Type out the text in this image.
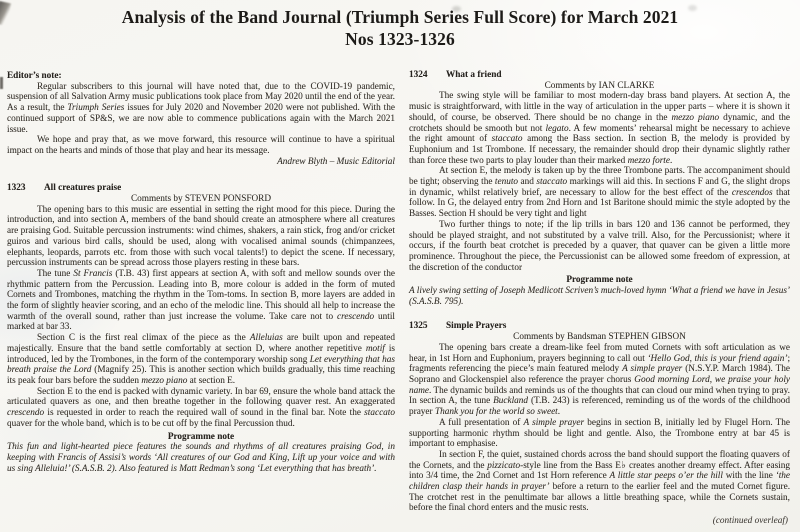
Analysis of the Band Journal (Triumph Series Full Score) for March 2021
Nos 1323-1326
Editor’s note:
Regular subscribers to this journal will have noted that, due to the COVID-19 pandemic, suspension of all Salvation Army music publications took place from May 2020 until the end of the year. As a result, the Triumph Series issues for July 2020 and November 2020 were not published. With the continued support of SP&S, we are now able to commence publications again with the March 2021 issue.
We hope and pray that, as we move forward, this resource will continue to have a spiritual impact on the hearts and minds of those that play and hear its message.
Andrew Blyth – Music Editorial
1323 All creatures praise
Comments by STEVEN PONSFORD
The opening bars to this music are essential in setting the right mood for this piece. During the introduction, and into section A, members of the band should create an atmosphere where all creatures are praising God. Suitable percussion instruments: wind chimes, shakers, a rain stick, frog and/or cricket guiros and various bird calls, should be used, along with vocalised animal sounds (chimpanzees, elephants, leopards, parrots etc. from those with such vocal talents!) to depict the scene. If necessary, percussion instruments can be spread across those players resting in these bars.
The tune St Francis (T.B. 43) first appears at section A, with soft and mellow sounds over the rhythmic pattern from the Percussion. Leading into B, more colour is added in the form of muted Cornets and Trombones, matching the rhythm in the Tom-toms. In section B, more layers are added in the form of slightly heavier scoring, and an echo of the melodic line. This should all help to increase the warmth of the overall sound, rather than just increase the volume. Take care not to crescendo until marked at bar 33.
Section C is the first real climax of the piece as the Alleluias are built upon and repeated majestically. Ensure that the band settle comfortably at section D, where another repetitive motif is introduced, led by the Trombones, in the form of the contemporary worship song Let everything that has breath praise the Lord (Magnify 25). This is another section which builds gradually, this time reaching its peak four bars before the sudden mezzo piano at section E.
Section E to the end is packed with dynamic variety. In bar 69, ensure the whole band attack the articulated quavers as one, and then breathe together in the following quaver rest. An exaggerated crescendo is requested in order to reach the required wall of sound in the final bar. Note the staccato quaver for the whole band, which is to be cut off by the final Percussion thud.
Programme note
This fun and light-hearted piece features the sounds and rhythms of all creatures praising God, in keeping with Francis of Assisi’s words ‘All creatures of our God and King, Lift up your voice and with us sing Alleluia!’ (S.A.S.B. 2). Also featured is Matt Redman’s song ‘Let everything that has breath’.
1324 What a friend
Comments by IAN CLARKE
The swing style will be familiar to most modern-day brass band players. At section A, the music is straightforward, with little in the way of articulation in the upper parts – where it is shown it should, of course, be observed. There should be no change in the mezzo piano dynamic, and the crotchets should be smooth but not legato. A few moments’ rehearsal might be necessary to achieve the right amount of staccato among the Bass section. In section B, the melody is provided by Euphonium and 1st Trombone. If necessary, the remainder should drop their dynamic slightly rather than force these two parts to play louder than their marked mezzo forte.
At section E, the melody is taken up by the three Trombone parts. The accompaniment should be tight; observing the tenuto and staccato markings will aid this. In sections F and G, the slight drops in dynamic, whilst relatively brief, are necessary to allow for the best effect of the crescendos that follow. In G, the delayed entry from 2nd Horn and 1st Baritone should mimic the style adopted by the Basses. Section H should be very tight and light
Two further things to note; if the lip trills in bars 120 and 136 cannot be performed, they should be played straight, and not substituted by a valve trill. Also, for the Percussionist; where it occurs, if the fourth beat crotchet is preceded by a quaver, that quaver can be given a little more prominence. Throughout the piece, the Percussionist can be allowed some freedom of expression, at the discretion of the conductor
Programme note
A lively swing setting of Joseph Medlicott Scriven’s much-loved hymn ‘What a friend we have in Jesus’ (S.A.S.B. 795).
1325 Simple Prayers
Comments by Bandsman STEPHEN GIBSON
The opening bars create a dream-like feel from muted Cornets with soft articulation as we hear, in 1st Horn and Euphonium, prayers beginning to call out ‘Hello God, this is your friend again’; fragments referencing the piece’s main featured melody A simple prayer (N.S.Y.P. March 1984). The Soprano and Glockenspiel also reference the prayer chorus Good morning Lord, we praise your holy name. The dynamic builds and reminds us of the thoughts that can cloud our mind when trying to pray. In section A, the tune Buckland (T.B. 243) is referenced, reminding us of the words of the childhood prayer Thank you for the world so sweet.
A full presentation of A simple prayer begins in section B, initially led by Flugel Horn. The supporting harmonic rhythm should be light and gentle. Also, the Trombone entry at bar 45 is important to emphasise.
In section F, the quiet, sustained chords across the band should support the floating quavers of the Cornets, and the pizzicato-style line from the Bass E♭ creates another dreamy effect. After easing into 3/4 time, the 2nd Cornet and 1st Horn reference A little star peeps o’er the hill with the line ‘the children clasp their hands in prayer’ before a return to the earlier feel and the muted Cornet figure. The crotchet rest in the penultimate bar allows a little breathing space, while the Cornets sustain, before the final chord enters and the music rests.
(continued overleaf)
